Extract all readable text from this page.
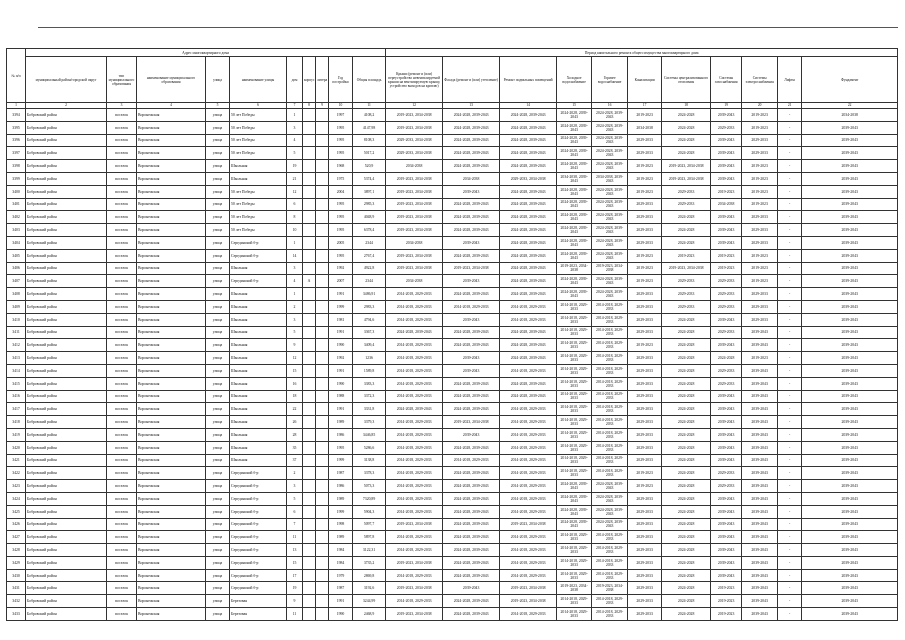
№ п/п	Адрес многоквартирного дома										Период капитального ремонта общего имущества многоквартирного дома										
	муниципальный район/городской округ	тип муниципального образования	наименование муниципального образования	улица	наименование улицы	дом	корпус	литера	Год постройки	Общая площадь	Крыши (ремонт и (или) переустройство невентилируемой крыши на вентилируемую крышу, устройство выходов на кровлю)	Фасада (ремонт и (или) утепление)	Ремонт подвальных помещений	Холодное водоснабжение	Горячее водоснабжение	Канализации	Системы централизованного отопления	Системы газоснабжения	Системы электроснабжения	Лифты	Фундамент
1	2	3	4	5	6	7	8	9	10	11	12	13	14	15	16	17	18	19	20	21	22
3394	Бобровский район	поселок	Воронежская	улица	50 лет Победы	1			1997	4108,2	2019-2023, 2034-2038	2024-2028, 2039-2043	2024-2028, 2039-2043	2024-2028, 2039-2043	2024-2028, 2039-2043	2019-2023	2024-2028	2039-2043	2019-2023	-	2034-2038
3395	Бобровский район	поселок	Воронежская	улица	50 лет Победы	3			1995	4147,98	2019-2023, 2034-2038	2024-2028, 2039-2043	2024-2028, 2039-2043	2024-2028, 2039-2043	2024-2028, 2039-2043	2034-2038	2024-2028	2029-2033	2019-2023	-	2039-2043
3396	Бобровский район	поселок	Воронежская	улица	50 лет Победы	4			1995	8108,3	2029-2033, 2034-2038	2024-2028, 2039-2043	2024-2028, 2039-2043	2024-2028, 2039-2043	2024-2028, 2039-2043	2029-2033	2024-2028	2039-2043	2029-2033	-	2039-2043
3397	Бобровский район	поселок	Воронежская	улица	50 лет Победы	5			1995	5017,2	2029-2033, 2034-2038	2024-2028, 2039-2043	2024-2028, 2039-2043	2024-2028, 2039-2043	2024-2028, 2039-2043	2029-2033	2024-2028	2039-2043	2029-2033	-	2039-2043
3398	Бобровский район	поселок	Воронежская	улица	Школьная	19			1968	520,9	2034-2038	2024-2028, 2039-2043	2024-2028, 2039-2043	2024-2028, 2039-2043	2024-2028, 2039-2043	2019-2023	2019-2023, 2034-2038	2039-2043	2019-2023	-	2039-2043
3399	Бобровский район	поселок	Воронежская	улица	Школьная	21			1975	5374,4	2019-2023, 2034-2038	2034-2038	2029-2033, 2034-2038	2034-2038, 2039-2043	2034-2038, 2039-2043	2019-2023	2019-2023, 2034-2038	2039-2043	2019-2023	-	2039-2043
3400	Бобровский район	поселок	Воронежская	улица	50 лет Победы	12			2004	3897,1	2019-2023, 2034-2038	2039-2043	2024-2028, 2039-2043	2024-2028, 2039-2043	2024-2028, 2039-2043	2019-2023	2029-2033	2019-2023	2019-2023	-	2039-2043
3401	Бобровский район	поселок	Воронежская	улица	50 лет Победы	6			1995	2985,3	2019-2023, 2034-2038	2024-2028, 2039-2043	2024-2028, 2039-2043	2024-2028, 2039-2043	2024-2028, 2039-2043	2029-2033	2029-2033	2034-2038	2019-2023	-	2039-2043
3402	Бобровский район	поселок	Воронежская	улица	50 лет Победы	8			1995	4048,9	2019-2023, 2034-2038	2024-2028, 2039-2043	2024-2028, 2039-2043	2024-2028, 2039-2043	2024-2028, 2039-2043	2029-2033	2024-2028	2039-2043	2029-2033	-	2039-2043
3403	Бобровский район	поселок	Воронежская	улица	50 лет Победы	10			1995	6378,4	2019-2023, 2034-2038	2024-2028, 2039-2043	2024-2028, 2039-2043	2024-2028, 2039-2043	2024-2028, 2039-2043	2029-2033	2024-2028	2039-2043	2029-2033	-	2039-2043
3404	Бобровский район	поселок	Воронежская	улица	Серединский б-р	1			2005	2344	2034-2038	2039-2043	2024-2028, 2039-2043	2024-2028, 2039-2043	2024-2028, 2039-2043	2029-2033	2024-2028	2039-2043	2029-2033	-	2039-2043
3405	Бобровский район	поселок	Воронежская	улица	Серединский б-р	14			1995	2767,4	2019-2023, 2034-2038	2024-2028, 2039-2043	2024-2028, 2039-2043	2024-2028, 2039-2043	2024-2028, 2039-2043	2019-2023	2019-2023	2019-2023	2019-2023	-	2039-2043
3406	Бобровский район	поселок	Воронежская	улица	Школьная	3			1992	4922,8	2019-2023, 2034-2038	2019-2023, 2034-2038	2024-2028, 2039-2043	2019-2023, 2034-2038	2019-2023, 2034-2038	2019-2023	2019-2023, 2034-2038	2019-2023	2019-2023	-	2039-2043
3407	Бобровский район	поселок	Воронежская	улица	Серединский б-р	4	А		2007	2344	2034-2038	2039-2043	2024-2028, 2039-2043	2024-2028, 2039-2043	2024-2028, 2039-2043	2019-2023	2029-2033	2029-2033	2019-2023	-	2039-2043
3408	Бобровский район	поселок	Воронежская	улица	Школьная	1			1991	3486,91	2014-2018, 2029-2033	2024-2028, 2039-2043	2024-2028, 2039-2043	2024-2028, 2039-2043	2024-2028, 2039-2043	2029-2033	2029-2033	2029-2033	2029-2033	-	2039-2043
3409	Бобровский район	поселок	Воронежская	улица	Школьная	2			1999	2983,3	2014-2018, 2029-2033	2014-2018, 2029-2033	2014-2018, 2029-2033	2014-2018, 2029-2033	2014-2018, 2029-2033	2029-2033	2029-2033	2029-2033	2029-2033	-	2039-2043
3410	Бобровский район	поселок	Воронежская	улица	Школьная	3			1981	4794,6	2014-2018, 2029-2033	2039-2043	2014-2018, 2029-2033	2014-2018, 2029-2033	2014-2018, 2029-2033	2029-2033	2024-2028	2039-2043	2029-2033	-	2039-2043
3411	Бобровский район	поселок	Воронежская	улица	Школьная	5			1991	3367,3	2024-2028, 2039-2043	2024-2028, 2039-2043	2024-2028, 2039-2043	2014-2018, 2029-2033	2014-2018, 2029-2033	2029-2033	2024-2028	2029-2033	2039-2043	-	2039-2043
3412	Бобровский район	поселок	Воронежская	улица	Школьная	9			1990	3409,4	2014-2018, 2029-2033	2024-2028, 2039-2043	2024-2028, 2039-2043	2014-2018, 2029-2033	2014-2018, 2029-2033	2019-2023	2024-2028	2039-2043	2039-2043	-	2039-2043
3413	Бобровский район	поселок	Воронежская	улица	Школьная	12			1992	1236	2014-2018, 2029-2033	2039-2043	2024-2028, 2039-2043	2014-2018, 2029-2033	2014-2018, 2029-2033	2029-2033	2024-2028	2024-2028	2019-2023	-	2039-2043
3414	Бобровский район	поселок	Воронежская	улица	Школьная	15			1991	1589,8	2014-2018, 2029-2033	2039-2043	2014-2018, 2029-2033	2014-2018, 2029-2033	2014-2018, 2029-2033	2029-2033	2024-2028	2029-2033	2039-2043	-	2039-2043
3415	Бобровский район	поселок	Воронежская	улица	Школьная	16			1990	3383,3	2014-2018, 2029-2033	2024-2028, 2039-2043	2024-2028, 2039-2043	2014-2018, 2029-2033	2014-2018, 2029-2033	2029-2033	2024-2028	2029-2033	2039-2043	-	2039-2043
3416	Бобровский район	поселок	Воронежская	улица	Школьная	18			1988	3372,3	2014-2018, 2029-2033	2024-2028, 2039-2043	2024-2028, 2039-2043	2014-2018, 2029-2033	2014-2018, 2029-2033	2029-2033	2024-2028	2039-2043	2039-2043	-	2039-2043
3417	Бобровский район	поселок	Воронежская	улица	Школьная	22			1991	3331,8	2024-2028, 2039-2043	2024-2028, 2039-2043	2014-2018, 2029-2033	2014-2018, 2029-2033	2014-2018, 2029-2033	2029-2033	2024-2028	2039-2043	2039-2043	-	2039-2043
3418	Бобровский район	поселок	Воронежская	улица	Школьная	26			1989	3379,3	2014-2018, 2029-2033	2019-2023, 2034-2038	2014-2018, 2029-2033	2014-2018, 2029-2033	2014-2018, 2029-2033	2029-2033	2024-2028	2039-2043	2039-2043	-	2039-2043
3419	Бобровский район	поселок	Воронежская	улица	Школьная	28			1986	3446,85	2014-2018, 2029-2033	2039-2043	2014-2018, 2029-2033	2014-2018, 2029-2033	2014-2018, 2029-2033	2029-2033	2024-2028	2039-2043	2039-2043	-	2039-2043
3420	Бобровский район	поселок	Воронежская	улица	Школьная	35			1995	5286,6	2014-2018, 2029-2033	2024-2028, 2039-2043	2014-2018, 2029-2033	2014-2018, 2029-2033	2014-2018, 2029-2033	2029-2033	2024-2028	2039-2043	2039-2043	-	2039-2043
3421	Бобровский район	поселок	Воронежская	улица	Школьная	37			1999	3138,8	2014-2018, 2029-2033	2014-2018, 2029-2033	2014-2018, 2029-2033	2014-2018, 2029-2033	2014-2018, 2029-2033	2029-2033	2024-2028	2039-2043	2039-2043	-	2039-2043
3422	Бобровский район	поселок	Воронежская	улица	Серединский б-р	2			1987	3378,3	2014-2018, 2029-2033	2024-2028, 2039-2043	2014-2018, 2029-2033	2014-2018, 2029-2033	2014-2018, 2029-2033	2019-2023	2024-2028	2029-2033	2039-2043	-	2039-2043
3423	Бобровский район	поселок	Воронежская	улица	Серединский б-р	3			1986	5073,3	2014-2018, 2029-2033	2024-2028, 2039-2043	2014-2018, 2029-2033	2024-2028, 2039-2043	2024-2028, 2039-2043	2019-2023	2024-2028	2029-2033	2039-2043	-	2039-2043
3424	Бобровский район	поселок	Воронежская	улица	Серединский б-р	5			1989	7320,89	2014-2018, 2029-2033	2024-2028, 2039-2043	2014-2018, 2029-2033	2024-2028, 2039-2043	2024-2028, 2039-2043	2029-2033	2024-2028	2039-2043	2039-2043	-	2039-2043
3425	Бобровский район	поселок	Воронежская	улица	Серединский б-р	6			1999	5904,3	2014-2018, 2029-2033	2024-2028, 2039-2043	2014-2018, 2029-2033	2024-2028, 2039-2043	2024-2028, 2039-2043	2029-2033	2024-2028	2039-2043	2039-2043	-	2039-2043
3426	Бобровский район	поселок	Воронежская	улица	Серединский б-р	7			1998	5097,7	2019-2023, 2034-2038	2024-2028, 2039-2043	2019-2023, 2034-2038	2024-2028, 2039-2043	2024-2028, 2039-2043	2029-2033	2024-2028	2039-2043	2039-2043	-	2039-2043
3427	Бобровский район	поселок	Воронежская	улица	Серединский б-р	11			1989	5897,8	2014-2018, 2029-2033	2024-2028, 2039-2043	2014-2018, 2029-2033	2014-2018, 2029-2033	2014-2018, 2029-2033	2029-2033	2024-2028	2039-2043	2039-2043	-	2039-2043
3428	Бобровский район	поселок	Воронежская	улица	Серединский б-р	13			1984	3122,31	2014-2018, 2029-2033	2024-2028, 2039-2043	2014-2018, 2029-2033	2014-2018, 2029-2033	2014-2018, 2029-2033	2029-2033	2024-2028	2039-2043	2039-2043	-	2039-2043
3429	Бобровский район	поселок	Воронежская	улица	Серединский б-р	15			1984	3735,2	2019-2023, 2034-2038	2024-2028, 2039-2043	2014-2018, 2029-2033	2014-2018, 2029-2033	2014-2018, 2029-2033	2029-2033	2024-2028	2039-2043	2039-2043	-	2039-2043
3430	Бобровский район	поселок	Воронежская	улица	Серединский б-р	17			1979	2869,8	2014-2018, 2029-2033	2024-2028, 2039-2043	2014-2018, 2029-2033	2014-2018, 2029-2033	2014-2018, 2029-2033	2029-2033	2024-2028	2039-2043	2039-2043	-	2039-2043
3431	Бобровский район	поселок	Воронежская	улица	Серединский б-р	19			1987	3192,6	2019-2023, 2034-2038	2039-2043	2019-2023, 2034-2038	2019-2023, 2034-2038	2019-2023, 2034-2038	2029-2033	2024-2028	2019-2023	2039-2043	-	2039-2043
3432	Бобровский район	поселок	Воронежская	улица	Березовая	9			1991	3244,99	2014-2018, 2029-2033	2024-2028, 2039-2043	2019-2023, 2034-2038	2014-2018, 2029-2033	2014-2018, 2029-2033	2029-2033	2024-2028	2019-2023	2039-2043	-	2039-2043
3433	Бобровский район	поселок	Воронежская	улица	Березовая	11			1990	2468,9	2019-2023, 2034-2038	2024-2028, 2039-2043	2014-2018, 2029-2033	2014-2018, 2029-2033	2014-2018, 2029-2033	2029-2033	2024-2028	2019-2023	2039-2043	-	2039-2043
